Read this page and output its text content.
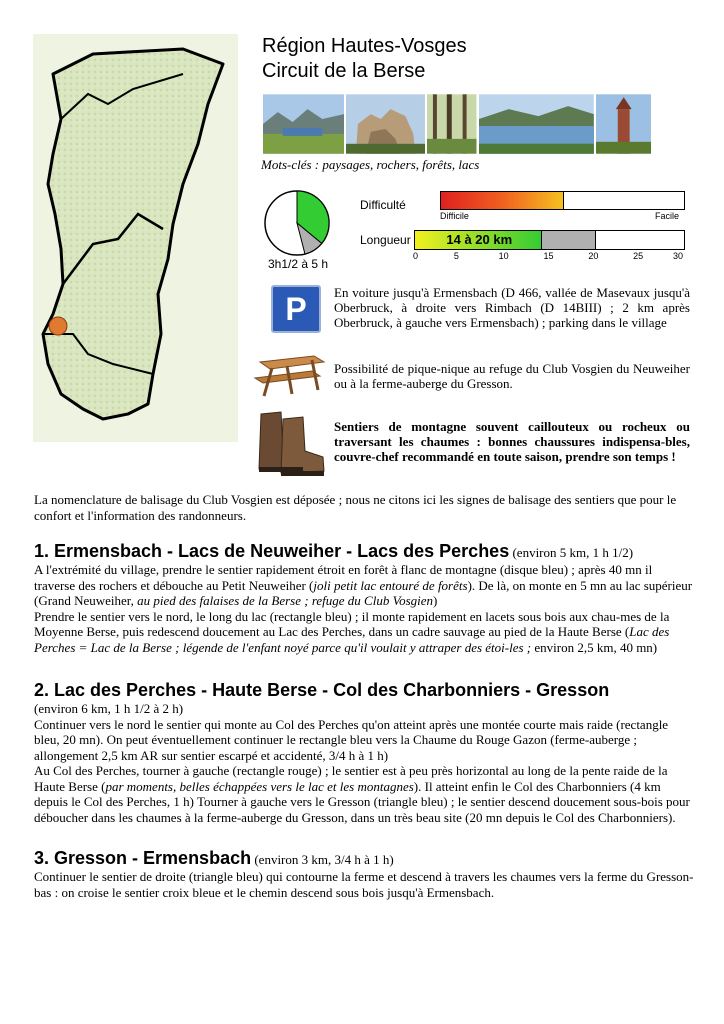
Région Hautes-Vosges
Circuit de la Berse
Mots-clés : paysages, rochers, forêts, lacs
3h1/2 à 5 h
Difficulté
Difficile	Facile
Longueur	14 à 20 km
0	5	10	15	20	25	30
P En voiture jusqu'à Ermensbach (D 466, vallée de Masevaux jusqu'à Oberbruck, à droite vers Rimbach (D 14BIII) ; 2 km après Oberbruck, à gauche vers Ermensbach) ; parking dans le village
Possibilité de pique-nique au refuge du Club Vosgien du Neuweiher ou à la ferme-auberge du Gresson.
Sentiers de montagne souvent caillouteux ou rocheux ou traversant les chaumes : bonnes chaussures indispensa-bles, couvre-chef recommandé en toute saison, prendre son temps !
La nomenclature de balisage du Club Vosgien est déposée ; nous ne citons ici les signes de balisage des sentiers que pour le confort et l'information des randonneurs.
1. Ermensbach - Lacs de Neuweiher - Lacs des Perches (environ 5 km, 1 h 1/2)

A l'extrémité du village, prendre le sentier rapidement étroit en forêt à flanc de montagne (disque bleu) ; après 40 mn il traverse des rochers et débouche au Petit Neuweiher (joli petit lac entouré de forêts). De là, on monte en 5 mn au lac supérieur (Grand Neuweiher, au pied des falaises de la Berse ; refuge du Club Vosgien)

Prendre le sentier vers le nord, le long du lac (rectangle bleu) ; il monte rapidement en lacets sous bois aux chau-mes de la Moyenne Berse, puis redescend doucement au Lac des Perches, dans un cadre sauvage au pied de la Haute Berse (Lac des Perches = Lac de la Berse ; légende de l'enfant noyé parce qu'il voulait y attraper des étoi-les ; environ 2,5 km, 40 mn)

2. Lac des Perches - Haute Berse - Col des Charbonniers - Gresson
(environ 6 km, 1 h 1/2 à 2 h)

Continuer vers le nord le sentier qui monte au Col des Perches qu'on atteint après une montée courte mais raide (rectangle bleu, 20 mn). On peut éventuellement continuer le rectangle bleu vers la Chaume du Rouge Gazon (ferme-auberge ; allongement 2,5 km AR sur sentier escarpé et accidenté, 3/4 h à 1 h)

Au Col des Perches, tourner à gauche (rectangle rouge) ; le sentier est à peu près horizontal au long de la pente raide de la Haute Berse (par moments, belles échappées vers le lac et les montagnes). Il atteint enfin le Col des Charbonniers (4 km depuis le Col des Perches, 1 h) Tourner à gauche vers le Gresson (triangle bleu) ; le sentier descend doucement sous-bois pour déboucher dans les chaumes à la ferme-auberge du Gresson, dans un très beau site (20 mn depuis le Col des Charbonniers).

3. Gresson - Ermensbach (environ 3 km, 3/4 h à 1 h)

Continuer le sentier de droite (triangle bleu) qui contourne la ferme et descend à travers les chaumes vers la ferme du Gresson-bas : on croise le sentier croix bleue et le chemin descend sous bois jusqu'à Ermensbach.
